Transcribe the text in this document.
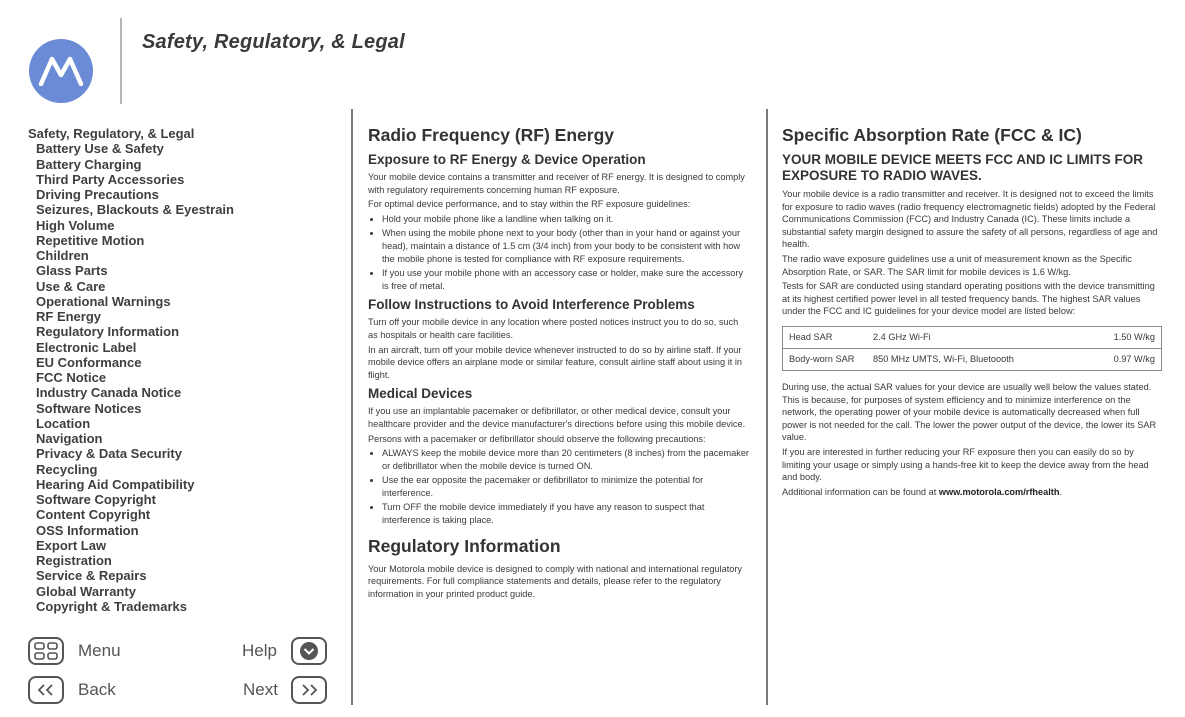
Safety, Regulatory, & Legal
Safety, Regulatory, & Legal
Battery Use & Safety
Battery Charging
Third Party Accessories
Driving Precautions
Seizures, Blackouts & Eyestrain
High Volume
Repetitive Motion
Children
Glass Parts
Use & Care
Operational Warnings
RF Energy
Regulatory Information
Electronic Label
EU Conformance
FCC Notice
Industry Canada Notice
Software Notices
Location
Navigation
Privacy & Data Security
Recycling
Hearing Aid Compatibility
Software Copyright
Content Copyright
OSS Information
Export Law
Registration
Service & Repairs
Global Warranty
Copyright & Trademarks
Menu	Help
Back	Next
Radio Frequency (RF) Energy
Exposure to RF Energy & Device Operation
Your mobile device contains a transmitter and receiver of RF energy. It is designed to comply with regulatory requirements concerning human RF exposure.
For optimal device performance, and to stay within the RF exposure guidelines:
• Hold your mobile phone like a landline when talking on it.
• When using the mobile phone next to your body (other than in your hand or against your head), maintain a distance of 1.5 cm (3/4 inch) from your body to be consistent with how the mobile phone is tested for compliance with RF exposure requirements.
• If you use your mobile phone with an accessory case or holder, make sure the accessory is free of metal.
Follow Instructions to Avoid Interference Problems
Turn off your mobile device in any location where posted notices instruct you to do so, such as hospitals or health care facilities.
In an aircraft, turn off your mobile device whenever instructed to do so by airline staff. If your mobile device offers an airplane mode or similar feature, consult airline staff about using it in flight.
Medical Devices
If you use an implantable pacemaker or defibrillator, or other medical device, consult your healthcare provider and the device manufacturer's directions before using this mobile device.
Persons with a pacemaker or defibrillator should observe the following precautions:
• ALWAYS keep the mobile device more than 20 centimeters (8 inches) from the pacemaker or defibrillator when the mobile device is turned ON.
• Use the ear opposite the pacemaker or defibrillator to minimize the potential for interference.
• Turn OFF the mobile device immediately if you have any reason to suspect that interference is taking place.
Regulatory Information
Your Motorola mobile device is designed to comply with national and international regulatory requirements. For full compliance statements and details, please refer to the regulatory information in your printed product guide.
Specific Absorption Rate (FCC & IC)
YOUR MOBILE DEVICE MEETS FCC AND IC LIMITS FOR EXPOSURE TO RADIO WAVES.
Your mobile device is a radio transmitter and receiver. It is designed not to exceed the limits for exposure to radio waves (radio frequency electromagnetic fields) adopted by the Federal Communications Commission (FCC) and Industry Canada (IC). These limits include a substantial safety margin designed to assure the safety of all persons, regardless of age and health.
The radio wave exposure guidelines use a unit of measurement known as the Specific Absorption Rate, or SAR. The SAR limit for mobile devices is 1.6 W/kg.
Tests for SAR are conducted using standard operating positions with the device transmitting at its highest certified power level in all tested frequency bands. The highest SAR values under the FCC and IC guidelines for your device model are listed below:
Head SAR	2.4 GHz Wi-Fi	1.50 W/kg
Body-worn SAR	850 MHz UMTS, Wi-Fi, Bluetoooth	0.97 W/kg
During use, the actual SAR values for your device are usually well below the values stated. This is because, for purposes of system efficiency and to minimize interference on the network, the operating power of your mobile device is automatically decreased when full power is not needed for the call. The lower the power output of the device, the lower its SAR value.
If you are interested in further reducing your RF exposure then you can easily do so by limiting your usage or simply using a hands-free kit to keep the device away from the head and body.
Additional information can be found at www.motorola.com/rfhealth.
